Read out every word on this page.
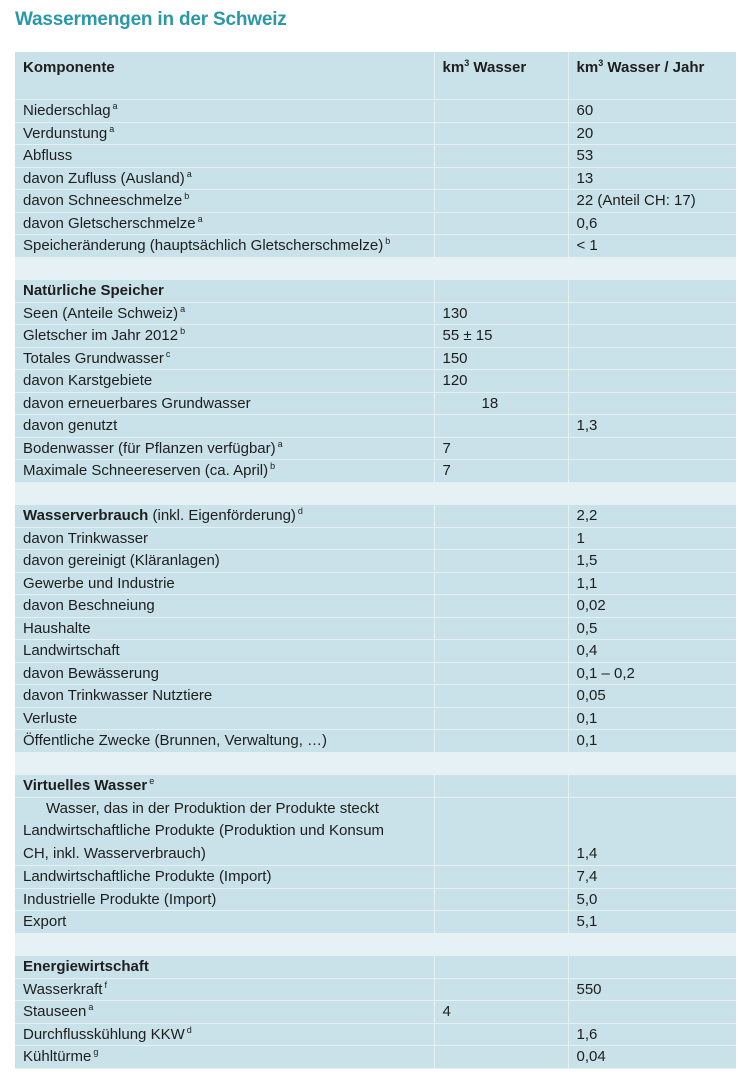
Wassermengen in der Schweiz
Komponente	$km^3$ Wasser	$km^3$ Wasser / Jahr
Niederschlag $^a$		60
Verdunstung $^a$		20
Abfluss		53
davon Zufluss (Ausland) $^a$		13
davon Schneeschmelze $^b$		22 (Anteil CH: 17)
davon Gletscherschmelze $^a$		0,6
Speicheränderung (hauptsächlich Gletscherschmelze) $^b$		< 1

Natürliche Speicher		
Seen (Anteile Schweiz) $^a$	130	
Gletscher im Jahr 2012 $^b$	55 ± 15	
Totales Grundwasser $^c$	150	
davon Karstgebiete	120	
davon erneuerbares Grundwasser	18	
davon genutzt		1,3
Bodenwasser (für Pflanzen verfügbar) $^a$	7	
Maximale Schneereserven (ca. April) $^b$	7	

Wasserverbrauch (inkl. Eigenförderung) $^d$		2,2
davon Trinkwasser		1
davon gereinigt (Kläranlagen)		1,5
Gewerbe und Industrie		1,1
davon Beschneiung		0,02
Haushalte		0,5
Landwirtschaft		0,4
davon Bewässerung		0,1 – 0,2
davon Trinkwasser Nutztiere		0,05
Verluste		0,1
Öffentliche Zwecke (Brunnen, Verwaltung, …)		0,1

Virtuelles Wasser $^e$		

Wasser, das in der Produktion der Produkte steckt
Landwirtschaftliche Produkte (Produktion und Konsum
CH, inkl. Wasserverbrauch)		1,4
Landwirtschaftliche Produkte (Import)		7,4
Industrielle Produkte (Import)		5,0
Export		5,1

Energiewirtschaft		
Wasserkraft $^f$		550
Stauseen $^a$	4	
Durchflusskühlung KKW $^d$		1,6
Kühltürme $^g$		0,04
